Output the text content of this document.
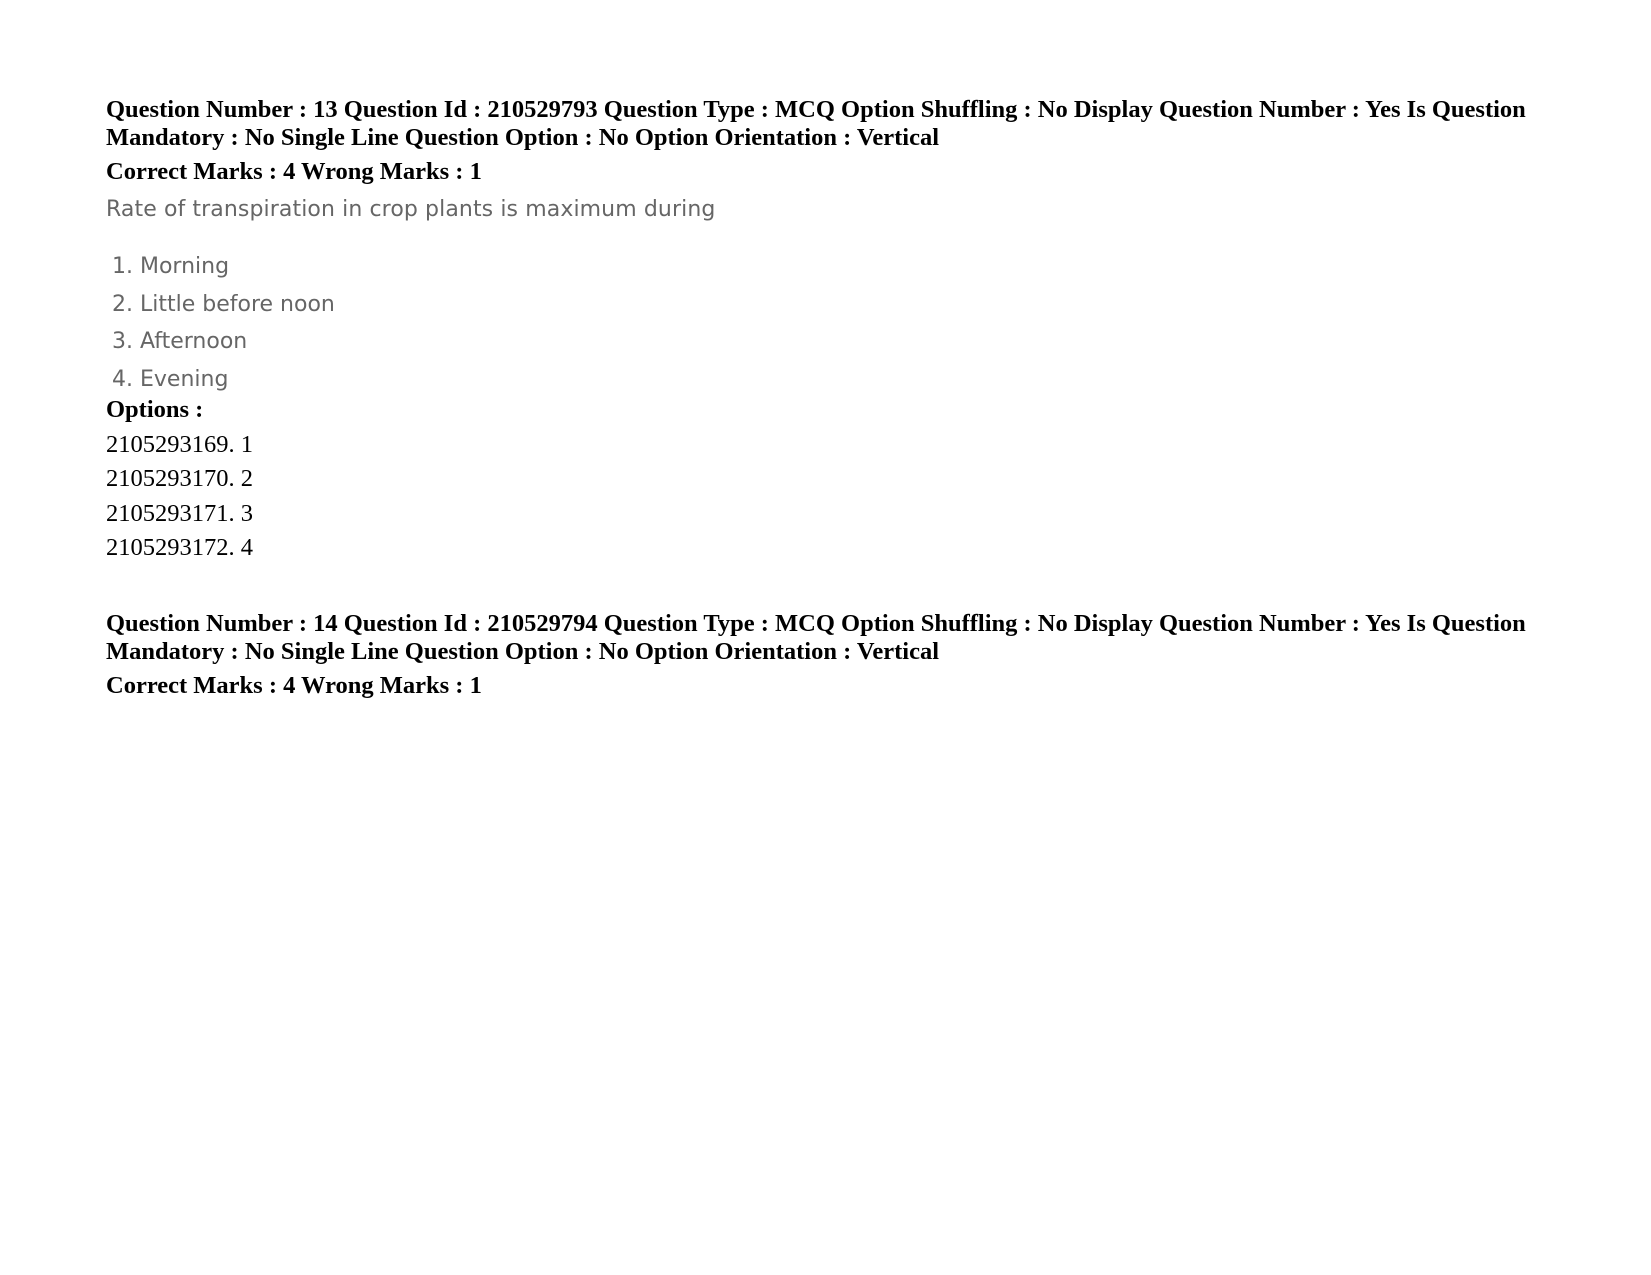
Question Number : 13 Question Id : 210529793 Question Type : MCQ Option Shuffling : No Display Question Number : Yes Is Question
Mandatory : No Single Line Question Option : No Option Orientation : Vertical
Correct Marks : 4 Wrong Marks : 1
Rate of transpiration in crop plants is maximum during
1. Morning
2. Little before noon
3. Afternoon
4. Evening
Options :
2105293169. 1
2105293170. 2
2105293171. 3
2105293172. 4
Question Number : 14 Question Id : 210529794 Question Type : MCQ Option Shuffling : No Display Question Number : Yes Is Question
Mandatory : No Single Line Question Option : No Option Orientation : Vertical
Correct Marks : 4 Wrong Marks : 1
